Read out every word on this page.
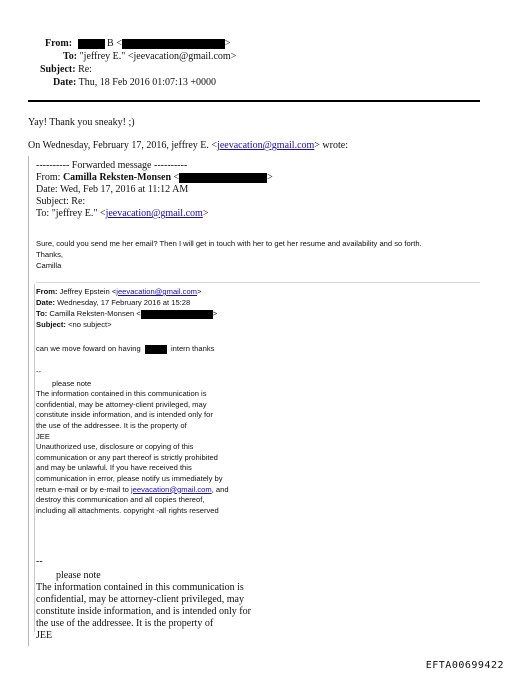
From:	B <	>
To: "jeffrey E." <jeevacation@gmail.com>
Subject: Re:
Date: Thu, 18 Feb 2016 01:07:13 +0000
Yay! Thank you sneaky! ;)
On Wednesday, February 17, 2016, jeffrey E. <jeevacation@gmail.com> wrote:
---------- Forwarded message ----------
From: Camilla Reksten-Monsen <	>
Date: Wed, Feb 17, 2016 at 11:12 AM
Subject: Re:
To: "jeffrey E." <jeevacation@gmail.com>
Sure, could you send me her email? Then I will get in touch with her to get her resume and availability and so forth.
Thanks,
Camilla
From: Jeffrey Epstein <jeevacation@gmail.com>
Date: Wednesday, 17 February 2016 at 15:28
To: Camilla Reksten-Monsen <	>
Subject: <no subject>
can we move foward on having	intern thanks
--
please note
The information contained in this communication is
confidential, may be attorney-client privileged, may
constitute inside information, and is intended only for
the use of the addressee. It is the property of
JEE
Unauthorized use, disclosure or copying of this
communication or any part thereof is strictly prohibited
and may be unlawful. If you have received this
communication in error, please notify us immediately by
return e-mail or by e-mail to jeevacation@gmail.com, and
destroy this communication and all copies thereof,
including all attachments. copyright -all rights reserved
--
please note
The information contained in this communication is
confidential, may be attorney-client privileged, may
constitute inside information, and is intended only for
the use of the addressee. It is the property of
JEE
EFTA00699422
